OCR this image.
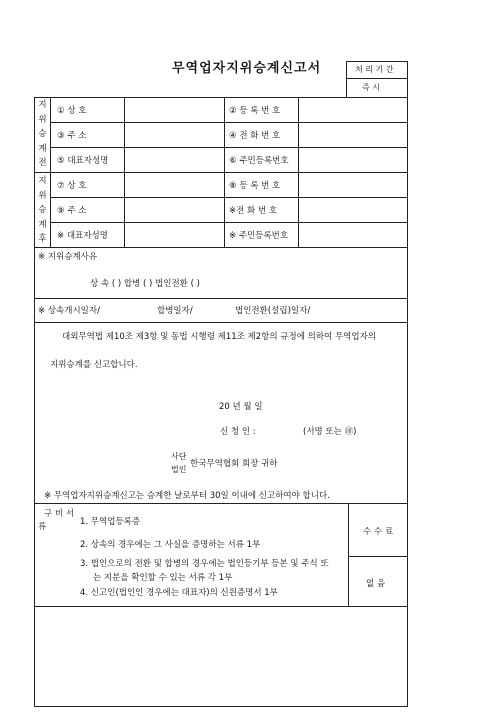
무역업자지위승계신고서	처 리 기 간
즉 시
지
위
승
계
전
지
위
승
계
후
① 상 호	② 등 록 번 호
③ 주 소	④ 전 화 번 호
⑤ 대표자성명	⑥ 주민등록번호
⑦ 상 호	⑧ 등 록 번 호
⑨ 주 소	※전 화 번 호
※ 대표자성명	※ 주민등록번호
※ 지위승계사유
상 속 ( ) 합병 ( ) 법인전환 ( )
※ 상속개시일자/	합병일자/	법인전환(설립)일자/
대외무역법 제10조 제3항 및 동법 시행령 제11조 제2항의 규정에 의하여 무역업자의
지위승계를 신고합니다.
20 년 월 일
신 청 인 :	(서명 또는 ㊞)
사단
법인
한국무역협회 회장 귀하
※ 무역업자지위승계신고는 승계한 날로부터 30일 이내에 신고하여야 합니다.
구 비 서
류	1. 무역업등록증
2. 상속의 경우에는 그 사실을 증명하는 서류 1부
3. 법인으로의 전환 및 합병의 경우에는 법인등기부 등본 및 주식 또
는 지분을 확인할 수 있는 서류 각 1부
4. 신고인(법인인 경우에는 대표자)의 신원증명서 1부
수 수 료
없 음
